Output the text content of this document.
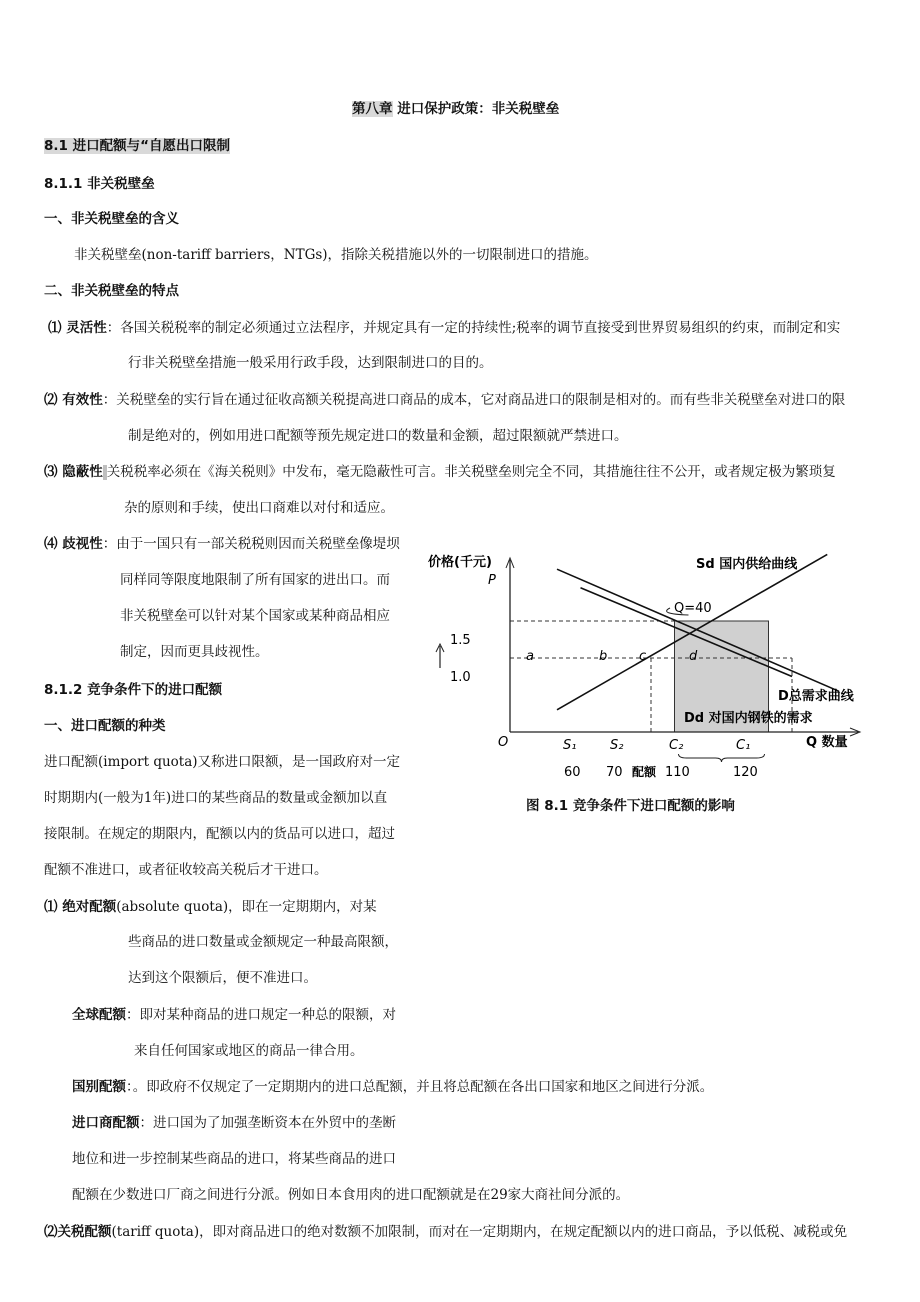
第八章 进口保护政策：非关税壁垒
8.1 进口配额与“自愿出口限制
8.1.1 非关税壁垒
一、非关税壁垒的含义
非关税壁垒(non-tariff barriers，NTGs)，指除关税措施以外的一切限制进口的措施。
二、非关税壁垒的特点
⑴ 灵活性：各国关税税率的制定必须通过立法程序，并规定具有一定的持续性;税率的调节直接受到世界贸易组织的约束，而制定和实
行非关税壁垒措施一般采用行政手段，达到限制进口的目的。
⑵ 有效性：关税壁垒的实行旨在通过征收高额关税提高进口商品的成本，它对商品进口的限制是相对的。而有些非关税壁垒对进口的限
制是绝对的，例如用进口配额等预先规定进口的数量和金额，超过限额就严禁进口。
⑶ 隐蔽性 关税税率必须在《海关税则》中发布，毫无隐蔽性可言。非关税壁垒则完全不同，其措施往往不公开，或者规定极为繁琐复
杂的原则和手续，使出口商难以对付和适应。
⑷ 歧视性：由于一国只有一部关税税则因而关税壁垒像堤坝
同样同等限度地限制了所有国家的进出口。而
非关税壁垒可以针对某个国家或某种商品相应
制定，因而更具歧视性。
8.1.2 竞争条件下的进口配额
一、进口配额的种类
进口配额(import quota)又称进口限额，是一国政府对一定
时期期内(一般为1年)进口的某些商品的数量或金额加以直
接限制。在规定的期限内，配额以内的货品可以进口，超过
配额不准进口，或者征收较高关税后才干进口。
⑴ 绝对配额(absolute quota)，即在一定期期内，对某
些商品的进口数量或金额规定一种最高限额，
达到这个限额后，便不准进口。
全球配额：即对某种商品的进口规定一种总的限额，对
来自任何国家或地区的商品一律合用。
国别配额：。即政府不仅规定了一定期期内的进口总配额，并且将总配额在各出口国家和地区之间进行分派。
进口商配额：进口国为了加强垄断资本在外贸中的垄断
地位和进一步控制某些商品的进口，将某些商品的进口
配额在少数进口厂商之间进行分派。例如日本食用肉的进口配额就是在29家大商社间分派的。
⑵关税配额(tariff quota)，即对商品进口的绝对数额不加限制，而对在一定期期内，在规定配额以内的进口商品，予以低税、减税或免
价格(千元)
P
O	Q 数量
1.5
1.0
Sd 国内供给曲线
D总需求曲线
Dd 对国内钢铁的需求
Q=40
a	b c	d
S₁	S₂	C₂	C₁
60 70	110	120
配额
图 8.1 竞争条件下进口配额的影响
